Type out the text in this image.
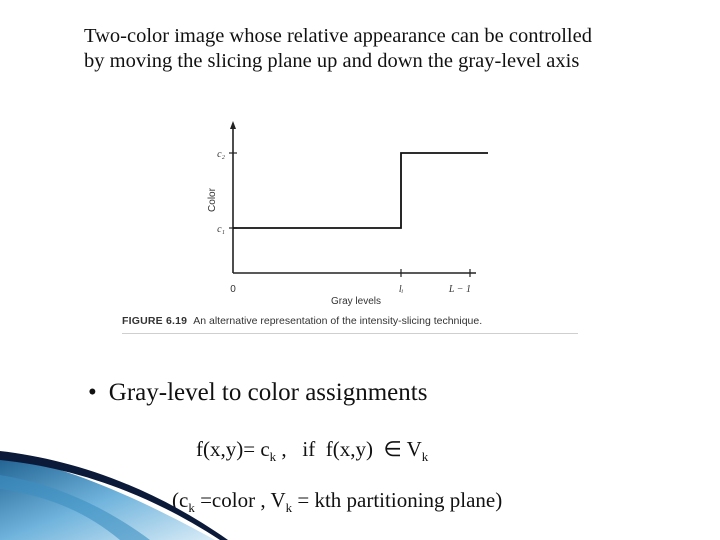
Two-color image whose relative appearance can be controlled
by moving the slicing plane up and down the gray-level axis
c₂
c₁
0	lᵢ	L − 1
Gray levels
Color
FIGURE 6.19 An alternative representation of the intensity-slicing technique.
• Gray-level to color assignments
$f(x,y)= c_k$ ,   if  f(x,y)  ∈ $V_k$
($c_k$ =color , $V_k$ = kth partitioning plane)
